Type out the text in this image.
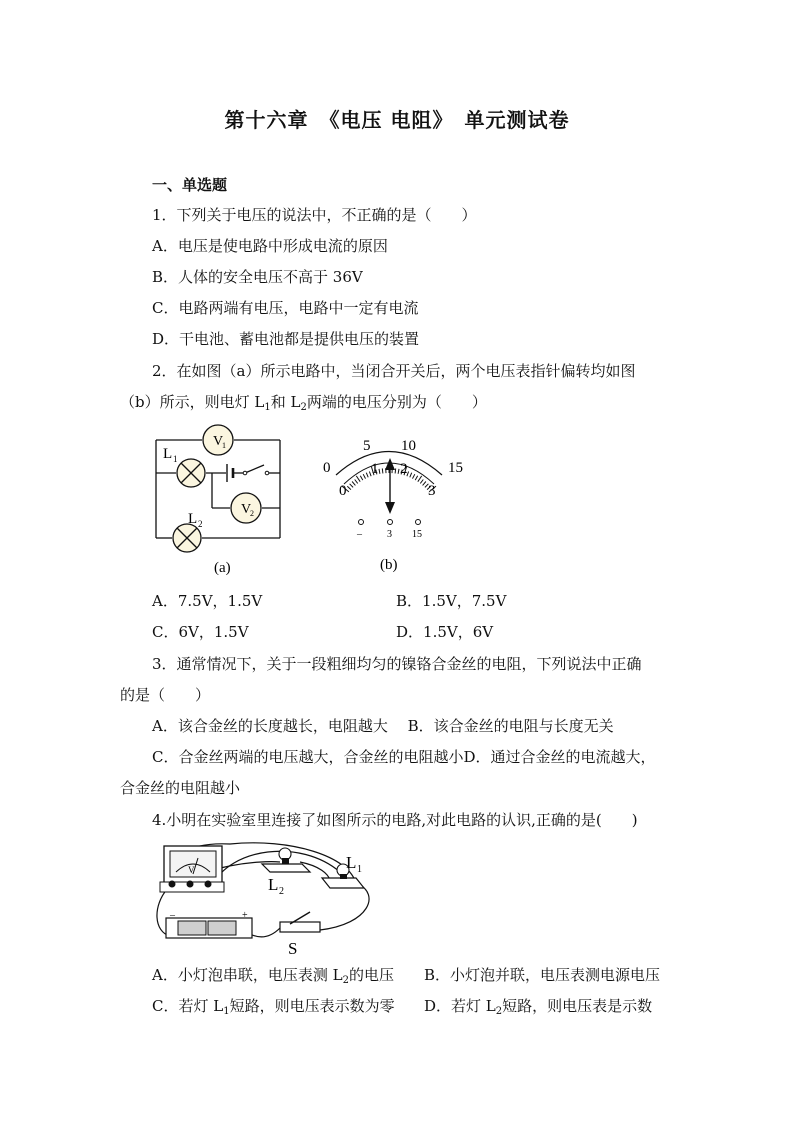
第十六章　《电压 电阻》　单元测试卷
一、单选题
1．下列关于电压的说法中，不正确的是（　　）
A．电压是使电路中形成电流的原因
B．人体的安全电压不高于 36V
C．电路两端有电压，电路中一定有电流
D．干电池、蓄电池都是提供电压的装置
2．在如图（a）所示电路中，当闭合开关后，两个电压表指针偏转均如图
（b）所示，则电灯 $L_1$和 $L_2$两端的电压分别为（　　）
V
1
V
2
L 1
L 2
(a)
0
5 10
15
0
1 2
3
–	3 15
(b)
A．7.5V，1.5V	B．1.5V，7.5V
C．6V，1.5V	D．1.5V，6V
3．通常情况下，关于一段粗细均匀的镍铬合金丝的电阻，下列说法中正确
的是（　　）
A．该合金丝的长度越长，电阻越大　 B．该合金丝的电阻与长度无关
C．合金丝两端的电压越大，合金丝的电阻越小D．通过合金丝的电流越大，
合金丝的电阻越小
4.小明在实验室里连接了如图所示的电路,对此电路的认识,正确的是(　　)
V
L 2
L 1
–	+
S
A．小灯泡串联，电压表测 $L_2$的电压 B．小灯泡并联，电压表测电源电压
C．若灯 $L_1$短路，则电压表示数为零 D．若灯 $L_2$短路，则电压表是示数
